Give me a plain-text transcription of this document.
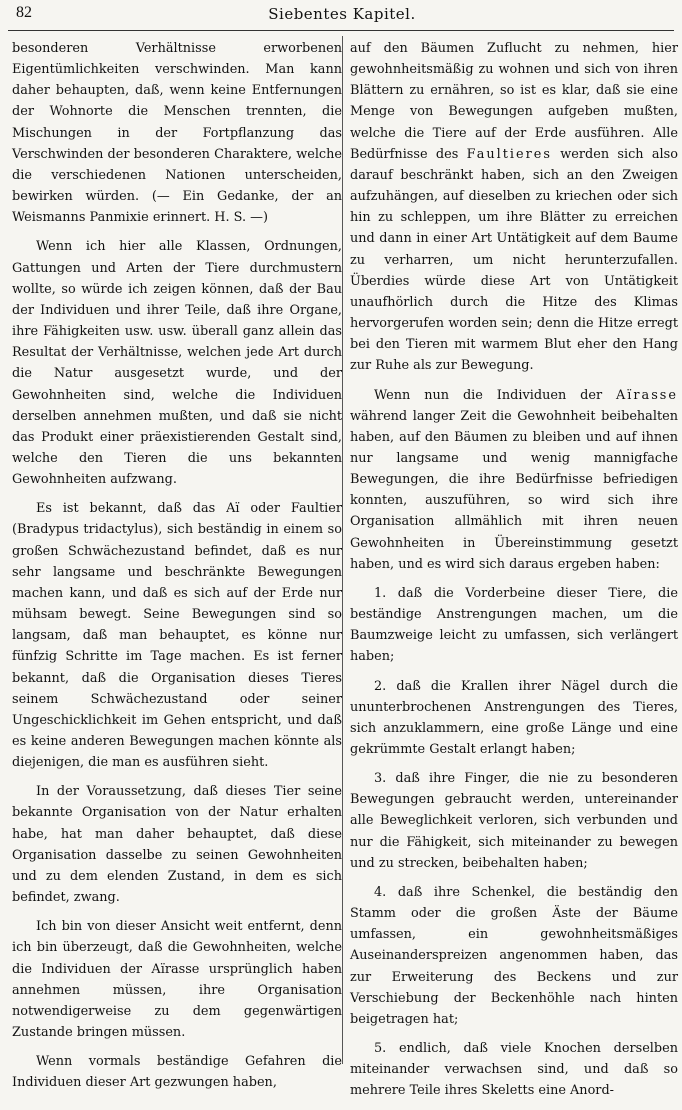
82	Siebentes Kapitel.

besonderen Verhältnisse erworbenen Eigentümlichkeiten verschwinden. Man kann daher behaupten, daß, wenn keine Entfernungen der Wohnorte die Menschen trennten, die Mischungen in der Fortpflanzung das Verschwinden der besonderen Charaktere, welche die verschiedenen Nationen unterscheiden, bewirken würden. (— Ein Gedanke, der an Weismanns Panmixie erinnert. H. S. —)

Wenn ich hier alle Klassen, Ordnungen, Gattungen und Arten der Tiere durchmustern wollte, so würde ich zeigen können, daß der Bau der Individuen und ihrer Teile, daß ihre Organe, ihre Fähigkeiten usw. usw. überall ganz allein das Resultat der Verhältnisse, welchen jede Art durch die Natur ausgesetzt wurde, und der Gewohnheiten sind, welche die Individuen derselben annehmen mußten, und daß sie nicht das Produkt einer präexistierenden Gestalt sind, welche den Tieren die uns bekannten Gewohnheiten aufzwang.

Es ist bekannt, daß das Aï oder Faultier (Bradypus tridactylus), sich beständig in einem so großen Schwächezustand befindet, daß es nur sehr langsame und beschränkte Bewegungen machen kann, und daß es sich auf der Erde nur mühsam bewegt. Seine Bewegungen sind so langsam, daß man behauptet, es könne nur fünfzig Schritte im Tage machen. Es ist ferner bekannt, daß die Organisation dieses Tieres seinem Schwächezustand oder seiner Ungeschicklichkeit im Gehen entspricht, und daß es keine anderen Bewegungen machen könnte als diejenigen, die man es ausführen sieht.

In der Voraussetzung, daß dieses Tier seine bekannte Organisation von der Natur erhalten habe, hat man daher behauptet, daß diese Organisation dasselbe zu seinen Gewohnheiten und zu dem elenden Zustand, in dem es sich befindet, zwang.

Ich bin von dieser Ansicht weit entfernt, denn ich bin überzeugt, daß die Gewohnheiten, welche die Individuen der Aïrasse ursprünglich haben annehmen müssen, ihre Organisation notwendigerweise zu dem gegenwärtigen Zustande bringen müssen.

Wenn vormals beständige Gefahren die Individuen dieser Art gezwungen haben,

auf den Bäumen Zuflucht zu nehmen, hier gewohnheitsmäßig zu wohnen und sich von ihren Blättern zu ernähren, so ist es klar, daß sie eine Menge von Bewegungen aufgeben mußten, welche die Tiere auf der Erde ausführen. Alle Bedürfnisse des Faultieres werden sich also darauf beschränkt haben, sich an den Zweigen aufzuhängen, auf dieselben zu kriechen oder sich hin zu schleppen, um ihre Blätter zu erreichen und dann in einer Art Untätigkeit auf dem Baume zu verharren, um nicht herunterzufallen. Überdies würde diese Art von Untätigkeit unaufhörlich durch die Hitze des Klimas hervorgerufen worden sein; denn die Hitze erregt bei den Tieren mit warmem Blut eher den Hang zur Ruhe als zur Bewegung.

Wenn nun die Individuen der Aïrasse während langer Zeit die Gewohnheit beibehalten haben, auf den Bäumen zu bleiben und auf ihnen nur langsame und wenig mannigfache Bewegungen, die ihre Bedürfnisse befriedigen konnten, auszuführen, so wird sich ihre Organisation allmählich mit ihren neuen Gewohnheiten in Übereinstimmung gesetzt haben, und es wird sich daraus ergeben haben:

1. daß die Vorderbeine dieser Tiere, die beständige Anstrengungen machen, um die Baumzweige leicht zu umfassen, sich verlängert haben;

2. daß die Krallen ihrer Nägel durch die ununterbrochenen Anstrengungen des Tieres, sich anzuklammern, eine große Länge und eine gekrümmte Gestalt erlangt haben;

3. daß ihre Finger, die nie zu besonderen Bewegungen gebraucht werden, untereinander alle Beweglichkeit verloren, sich verbunden und nur die Fähigkeit, sich miteinander zu bewegen und zu strecken, beibehalten haben;

4. daß ihre Schenkel, die beständig den Stamm oder die großen Äste der Bäume umfassen, ein gewohnheitsmäßiges Auseinanderspreizen angenommen haben, das zur Erweiterung des Beckens und zur Verschiebung der Beckenhöhle nach hinten beigetragen hat;

5. endlich, daß viele Knochen derselben miteinander verwachsen sind, und daß so mehrere Teile ihres Skeletts eine Anord-
